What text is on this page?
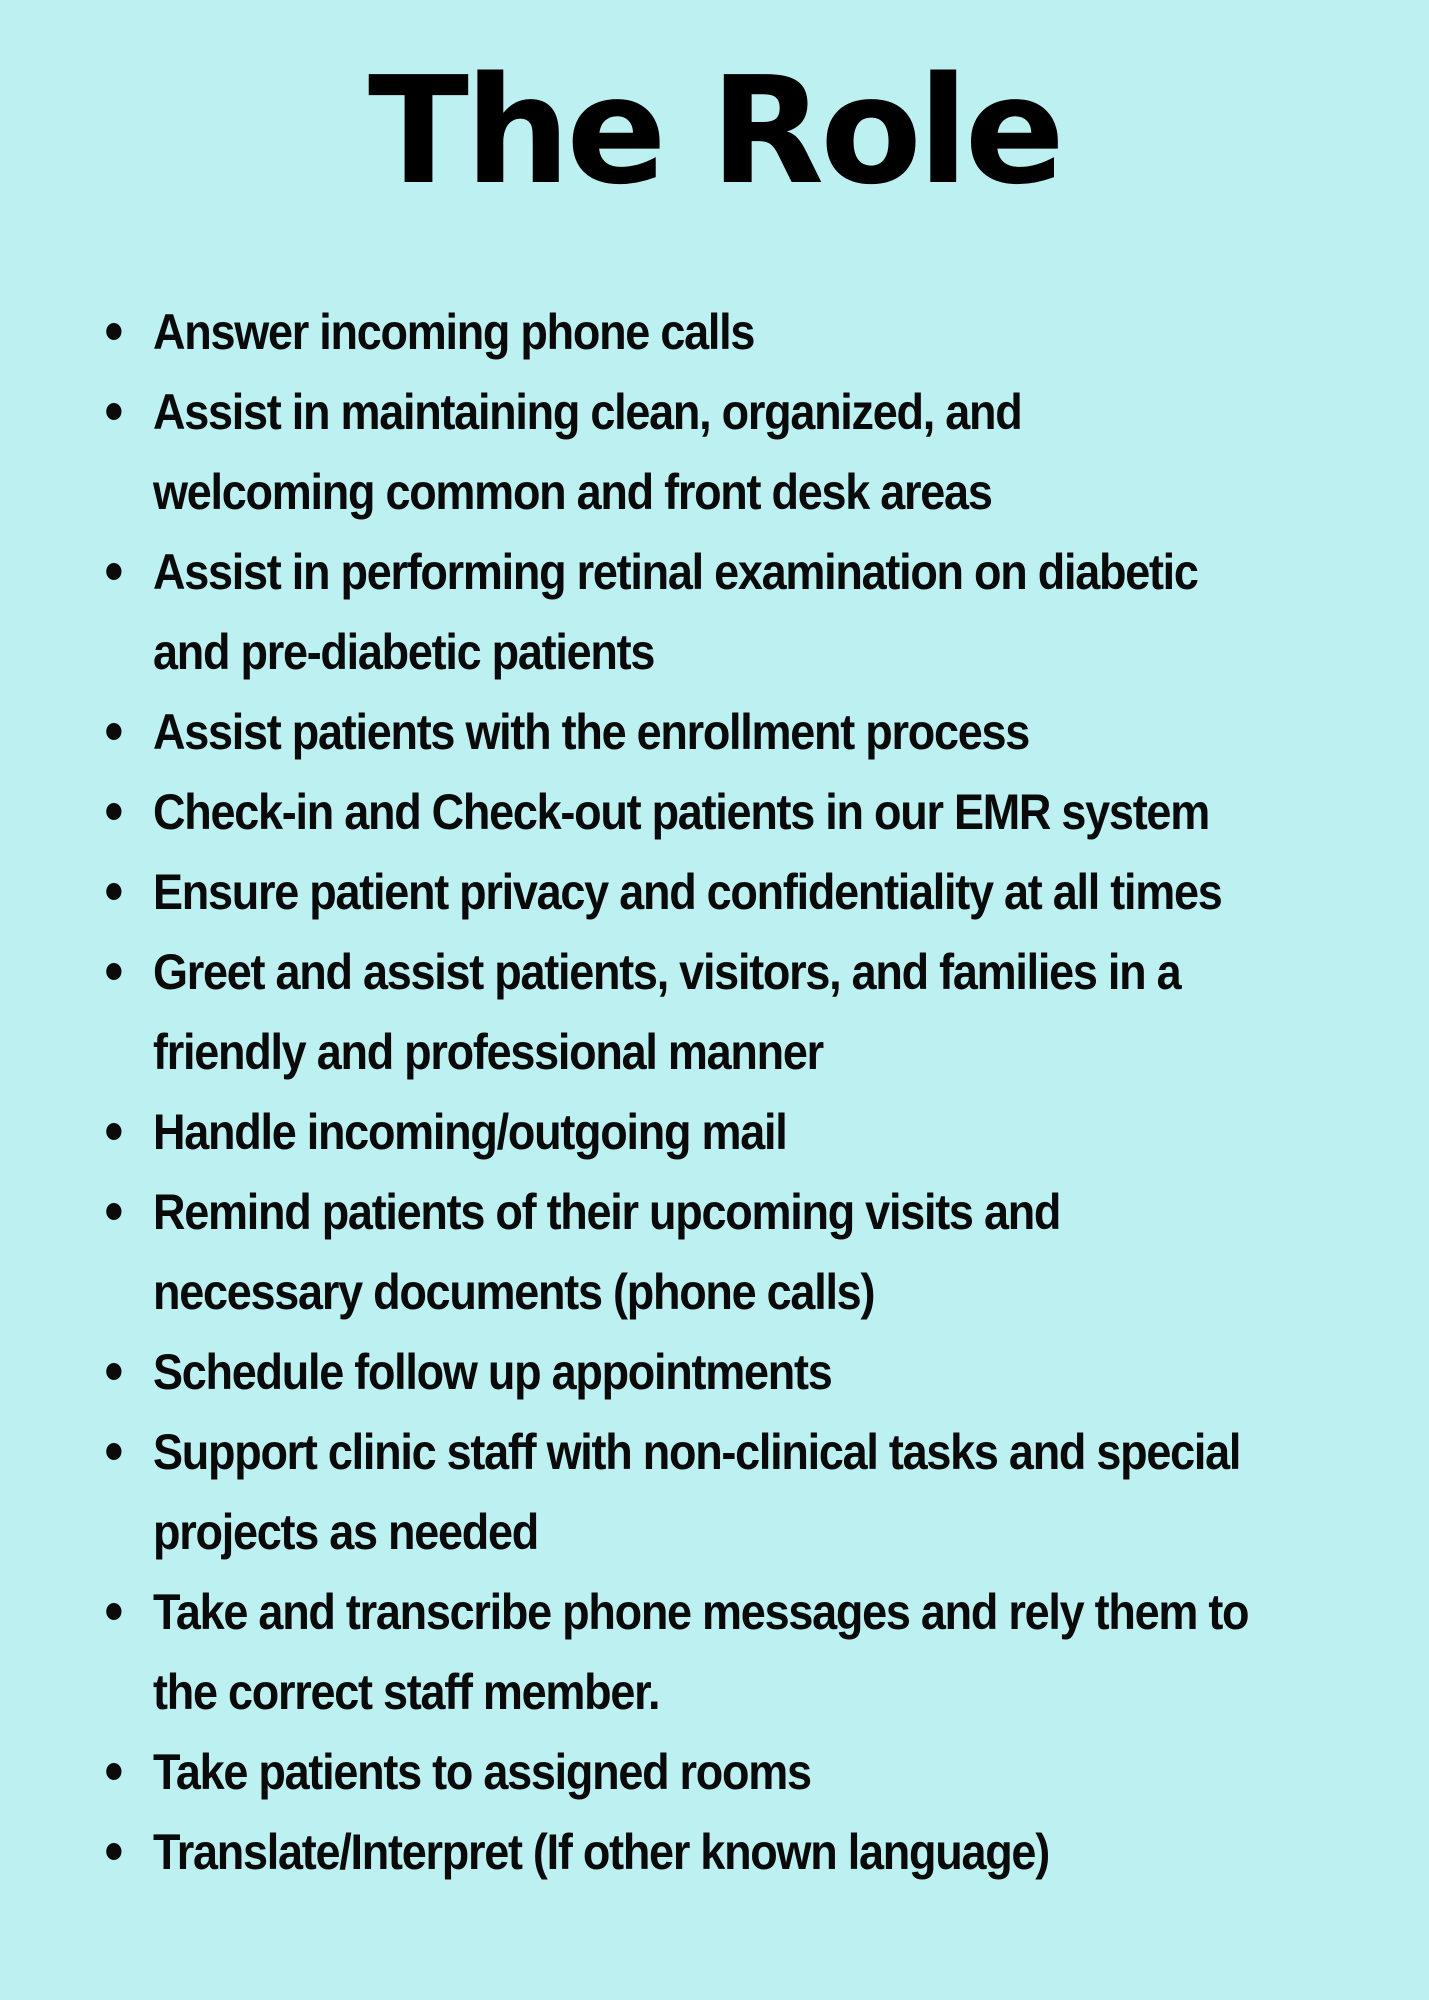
The Role
Answer incoming phone calls
Assist in maintaining clean, organized, and
welcoming common and front desk areas
Assist in performing retinal examination on diabetic
and pre-diabetic patients
Assist patients with the enrollment process
Check-in and Check-out patients in our EMR system
Ensure patient privacy and confidentiality at all times
Greet and assist patients, visitors, and families in a
friendly and professional manner
Handle incoming/outgoing mail
Remind patients of their upcoming visits and
necessary documents (phone calls)
Schedule follow up appointments
Support clinic staff with non-clinical tasks and special
projects as needed
Take and transcribe phone messages and rely them to
the correct staff member.
Take patients to assigned rooms
Translate/Interpret (If other known language)
